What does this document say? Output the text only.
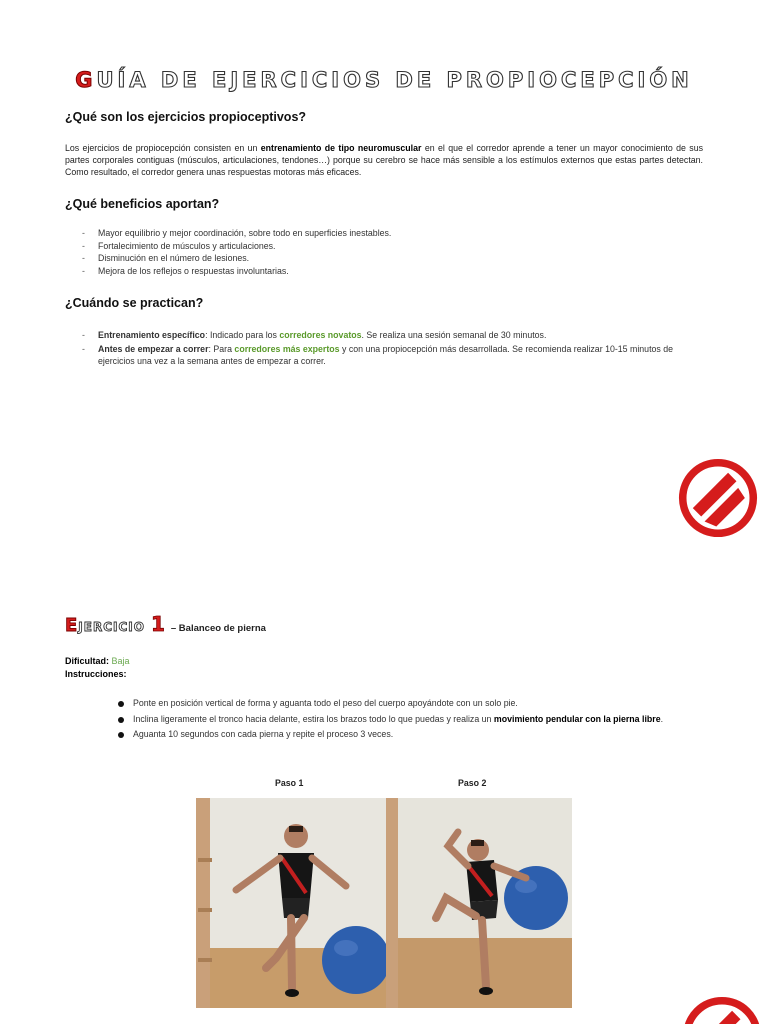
GUÍA DE EJERCICIOS DE PROPIOCEPCIÓN
¿Qué son los ejercicios propioceptivos?

Los ejercicios de propiocepción consisten en un entrenamiento de tipo neuromuscular en el que el corredor aprende a tener un mayor conocimiento de sus partes corporales contiguas (músculos, articulaciones, tendones…) porque su cerebro se hace más sensible a los estímulos externos que estas partes detectan. Como resultado, el corredor genera unas respuestas motoras más eficaces.

¿Qué beneficios aportan?
- Mayor equilibrio y mejor coordinación, sobre todo en superficies inestables.
- Fortalecimiento de músculos y articulaciones.
- Disminución en el número de lesiones.
- Mejora de los reflejos o respuestas involuntarias.
¿Cuándo se practican?
- Entrenamiento específico: Indicado para los corredores novatos. Se realiza una sesión semanal de 30 minutos.
- Antes de empezar a correr: Para corredores más expertos y con una propiocepción más desarrollada. Se recomienda realizar 10-15 minutos de ejercicios una vez a la semana antes de empezar a correr.
EJERCICIO 1 – Balanceo de pierna
Dificultad: Baja
Instrucciones:
Ponte en posición vertical de forma y aguanta todo el peso del cuerpo apoyándote con un solo pie.
Inclina ligeramente el tronco hacia delante, estira los brazos todo lo que puedas y realiza un movimiento pendular con la pierna libre.
Aguanta 10 segundos con cada pierna y repite el proceso 3 veces.
Paso 1	Paso 2
